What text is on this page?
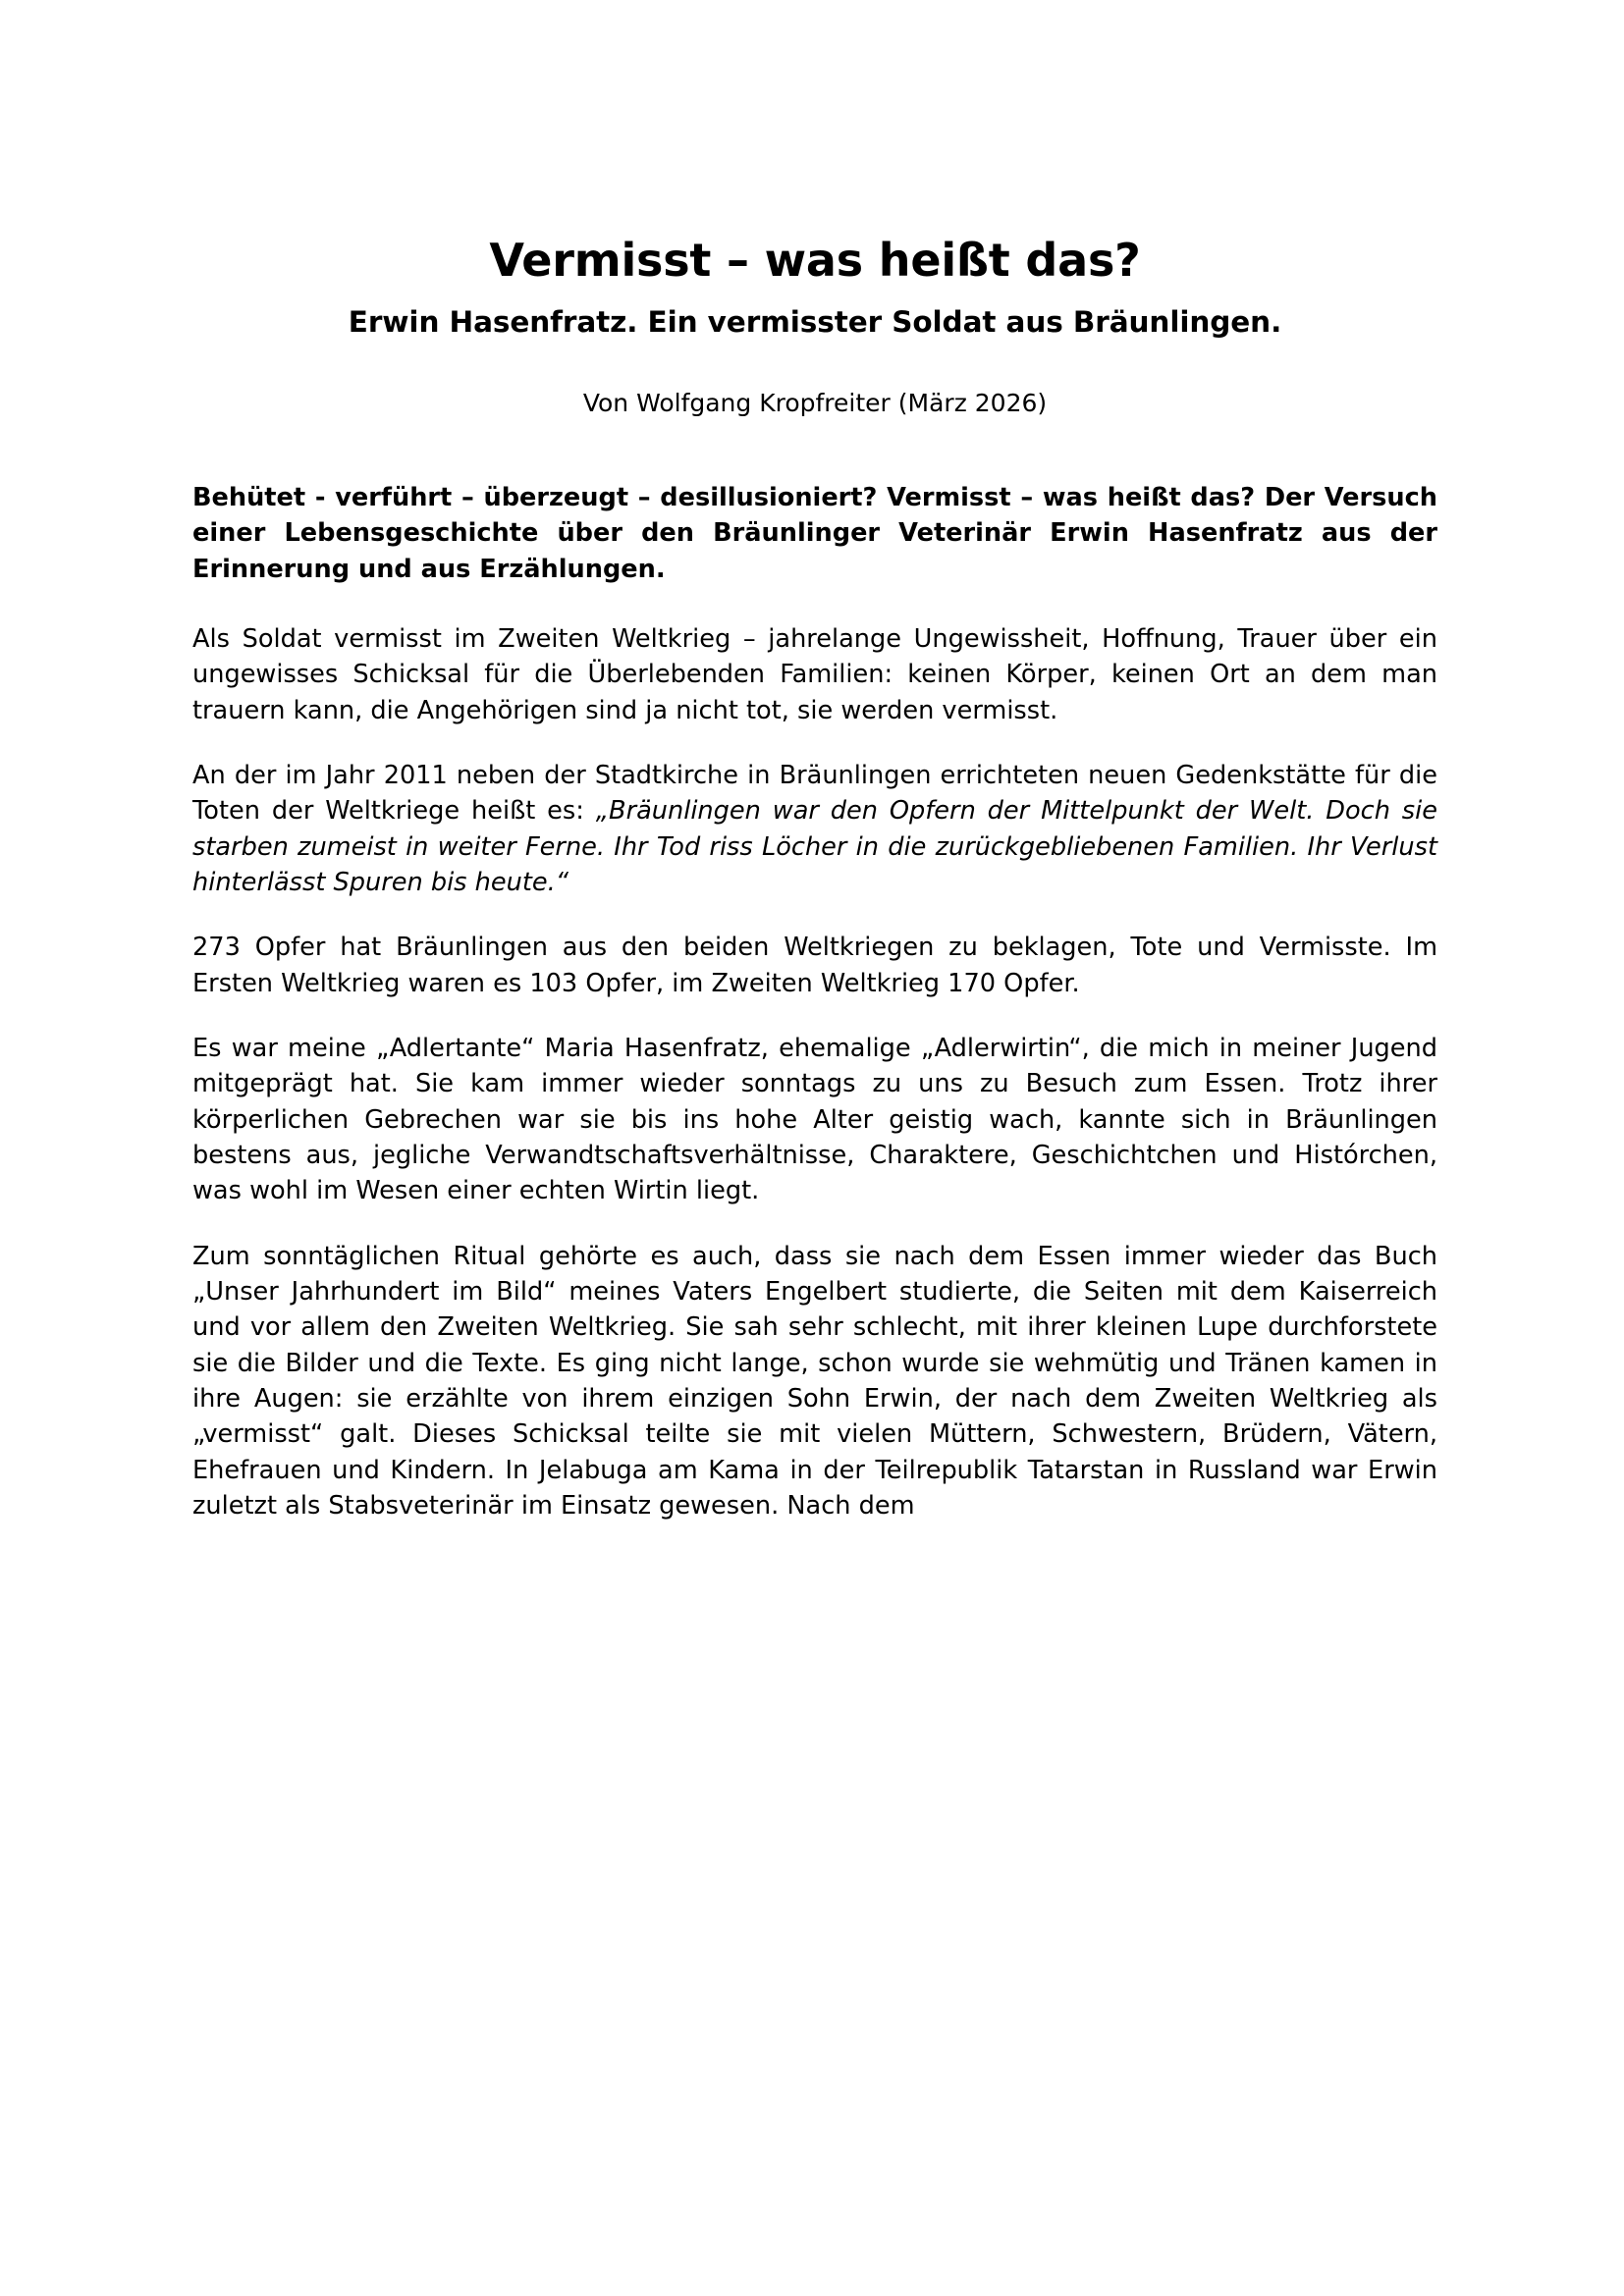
Vermisst – was heißt das?
Erwin Hasenfratz. Ein vermisster Soldat aus Bräunlingen.

Von Wolfgang Kropfreiter (März 2026)

Behütet - verführt – überzeugt – desillusioniert? Vermisst – was heißt das? Der Versuch einer Lebensgeschichte über den Bräunlinger Veterinär Erwin Hasenfratz aus der Erinnerung und aus Erzählungen.

Als Soldat vermisst im Zweiten Weltkrieg – jahrelange Ungewissheit, Hoffnung, Trauer über ein ungewisses Schicksal für die Überlebenden Familien: keinen Körper, keinen Ort an dem man trauern kann, die Angehörigen sind ja nicht tot, sie werden vermisst.

An der im Jahr 2011 neben der Stadtkirche in Bräunlingen errichteten neuen Gedenkstätte für die Toten der Weltkriege heißt es: „Bräunlingen war den Opfern der Mittelpunkt der Welt. Doch sie starben zumeist in weiter Ferne. Ihr Tod riss Löcher in die zurückgebliebenen Familien. Ihr Verlust hinterlässt Spuren bis heute.“

273 Opfer hat Bräunlingen aus den beiden Weltkriegen zu beklagen, Tote und Vermisste. Im Ersten Weltkrieg waren es 103 Opfer, im Zweiten Weltkrieg 170 Opfer.

Es war meine „Adlertante“ Maria Hasenfratz, ehemalige „Adlerwirtin“, die mich in meiner Jugend mitgeprägt hat. Sie kam immer wieder sonntags zu uns zu Besuch zum Essen. Trotz ihrer körperlichen Gebrechen war sie bis ins hohe Alter geistig wach, kannte sich in Bräunlingen bestens aus, jegliche Verwandtschaftsverhältnisse, Charaktere, Geschichtchen und Histórchen, was wohl im Wesen einer echten Wirtin liegt.

Zum sonntäglichen Ritual gehörte es auch, dass sie nach dem Essen immer wieder das Buch „Unser Jahrhundert im Bild“ meines Vaters Engelbert studierte, die Seiten mit dem Kaiserreich und vor allem den Zweiten Weltkrieg. Sie sah sehr schlecht, mit ihrer kleinen Lupe durchforstete sie die Bilder und die Texte. Es ging nicht lange, schon wurde sie wehmütig und Tränen kamen in ihre Augen: sie erzählte von ihrem einzigen Sohn Erwin, der nach dem Zweiten Weltkrieg als „vermisst“ galt. Dieses Schicksal teilte sie mit vielen Müttern, Schwestern, Brüdern, Vätern, Ehefrauen und Kindern. In Jelabuga am Kama in der Teilrepublik Tatarstan in Russland war Erwin zuletzt als Stabsveterinär im Einsatz gewesen. Nach dem
